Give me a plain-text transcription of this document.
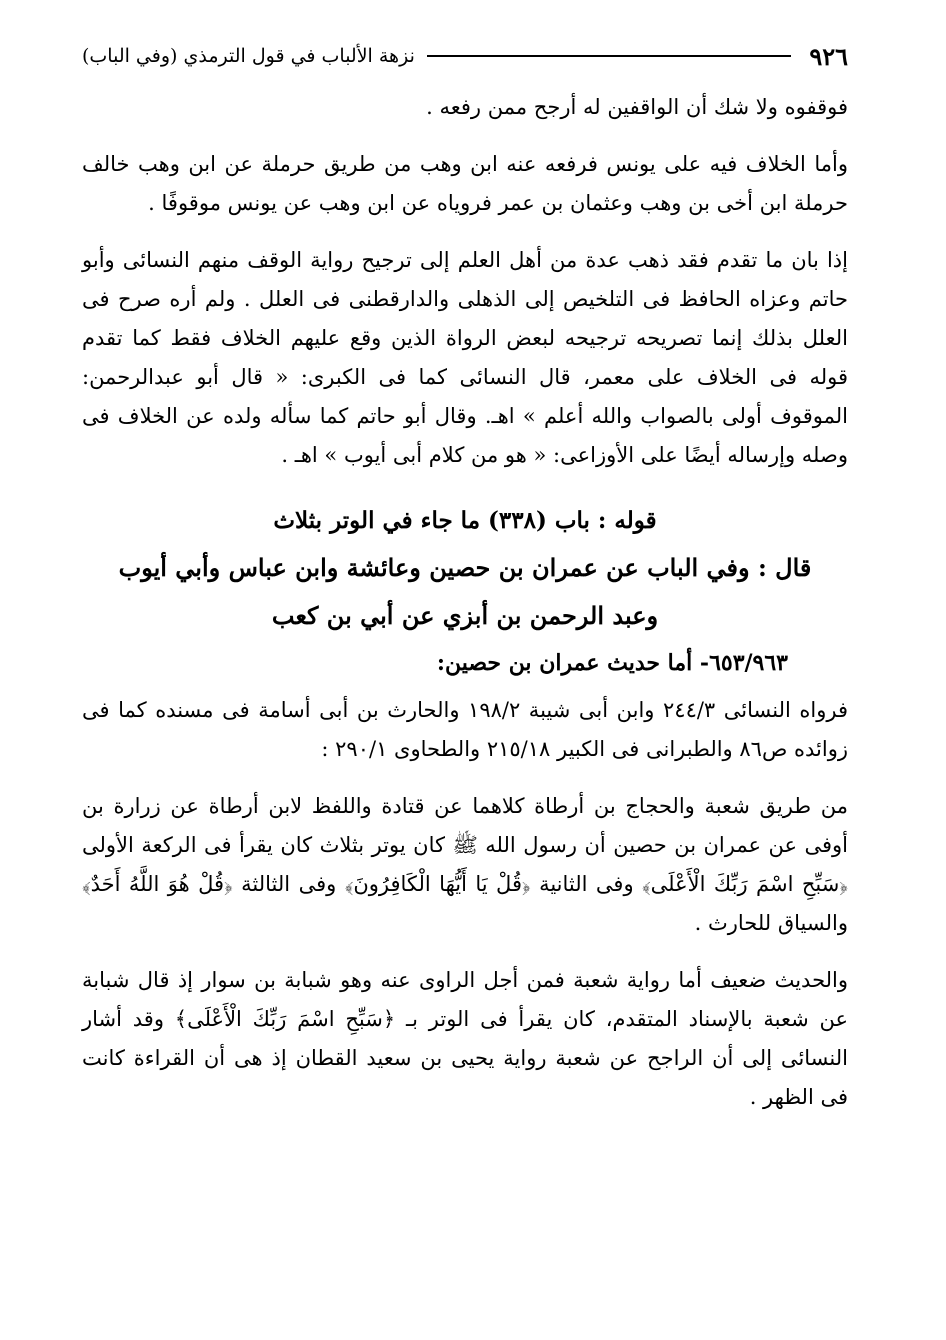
٩٢٦
نزهة الألباب في قول الترمذي (وفي الباب)

فوقفوه ولا شك أن الواقفين له أرجح ممن رفعه .

وأما الخلاف فيه على يونس فرفعه عنه ابن وهب من طريق حرملة عن ابن وهب خالف حرملة ابن أخى بن وهب وعثمان بن عمر فروياه عن ابن وهب عن يونس موقوفًا .

إذا بان ما تقدم فقد ذهب عدة من أهل العلم إلى ترجيح رواية الوقف منهم النسائى وأبو حاتم وعزاه الحافظ فى التلخيص إلى الذهلى والدارقطنى فى العلل . ولم أره صرح فى العلل بذلك إنما تصريحه ترجيحه لبعض الرواة الذين وقع عليهم الخلاف فقط كما تقدم قوله فى الخلاف على معمر، قال النسائى كما فى الكبرى: « قال أبو عبدالرحمن: الموقوف أولى بالصواب والله أعلم » اهـ. وقال أبو حاتم كما سأله ولده عن الخلاف فى وصله وإرساله أيضًا على الأوزاعى: « هو من كلام أبى أيوب » اهـ .

قوله : باب (٣٣٨) ما جاء في الوتر بثلاث
قال : وفي الباب عن عمران بن حصين وعائشة وابن عباس وأبي أيوب
وعبد الرحمن بن أبزي عن أبي بن كعب
٦٥٣/٩٦٣- أما حديث عمران بن حصين:

فرواه النسائى ٢٤٤/٣ وابن أبى شيبة ١٩٨/٢ والحارث بن أبى أسامة فى مسنده كما فى زوائده ص٨٦ والطبرانى فى الكبير ٢١٥/١٨ والطحاوى ٢٩٠/١ :

من طريق شعبة والحجاج بن أرطاة كلاهما عن قتادة واللفظ لابن أرطاة عن زرارة بن أوفى عن عمران بن حصين أن رسول الله ﷺ كان يوتر بثلاث كان يقرأ فى الركعة الأولى ﴿سَبِّحِ اسْمَ رَبِّكَ الْأَعْلَى﴾ وفى الثانية ﴿قُلْ يَا أَيُّهَا الْكَافِرُونَ﴾ وفى الثالثة ﴿قُلْ هُوَ اللَّهُ أَحَدٌ﴾ والسياق للحارث .

والحديث ضعيف أما رواية شعبة فمن أجل الراوى عنه وهو شبابة بن سوار إذ قال شبابة عن شعبة بالإسناد المتقدم، كان يقرأ فى الوتر بـ ﴿سَبِّحِ اسْمَ رَبِّكَ الْأَعْلَى﴾ وقد أشار النسائى إلى أن الراجح عن شعبة رواية يحيى بن سعيد القطان إذ هى أن القراءة كانت فى الظهر .
